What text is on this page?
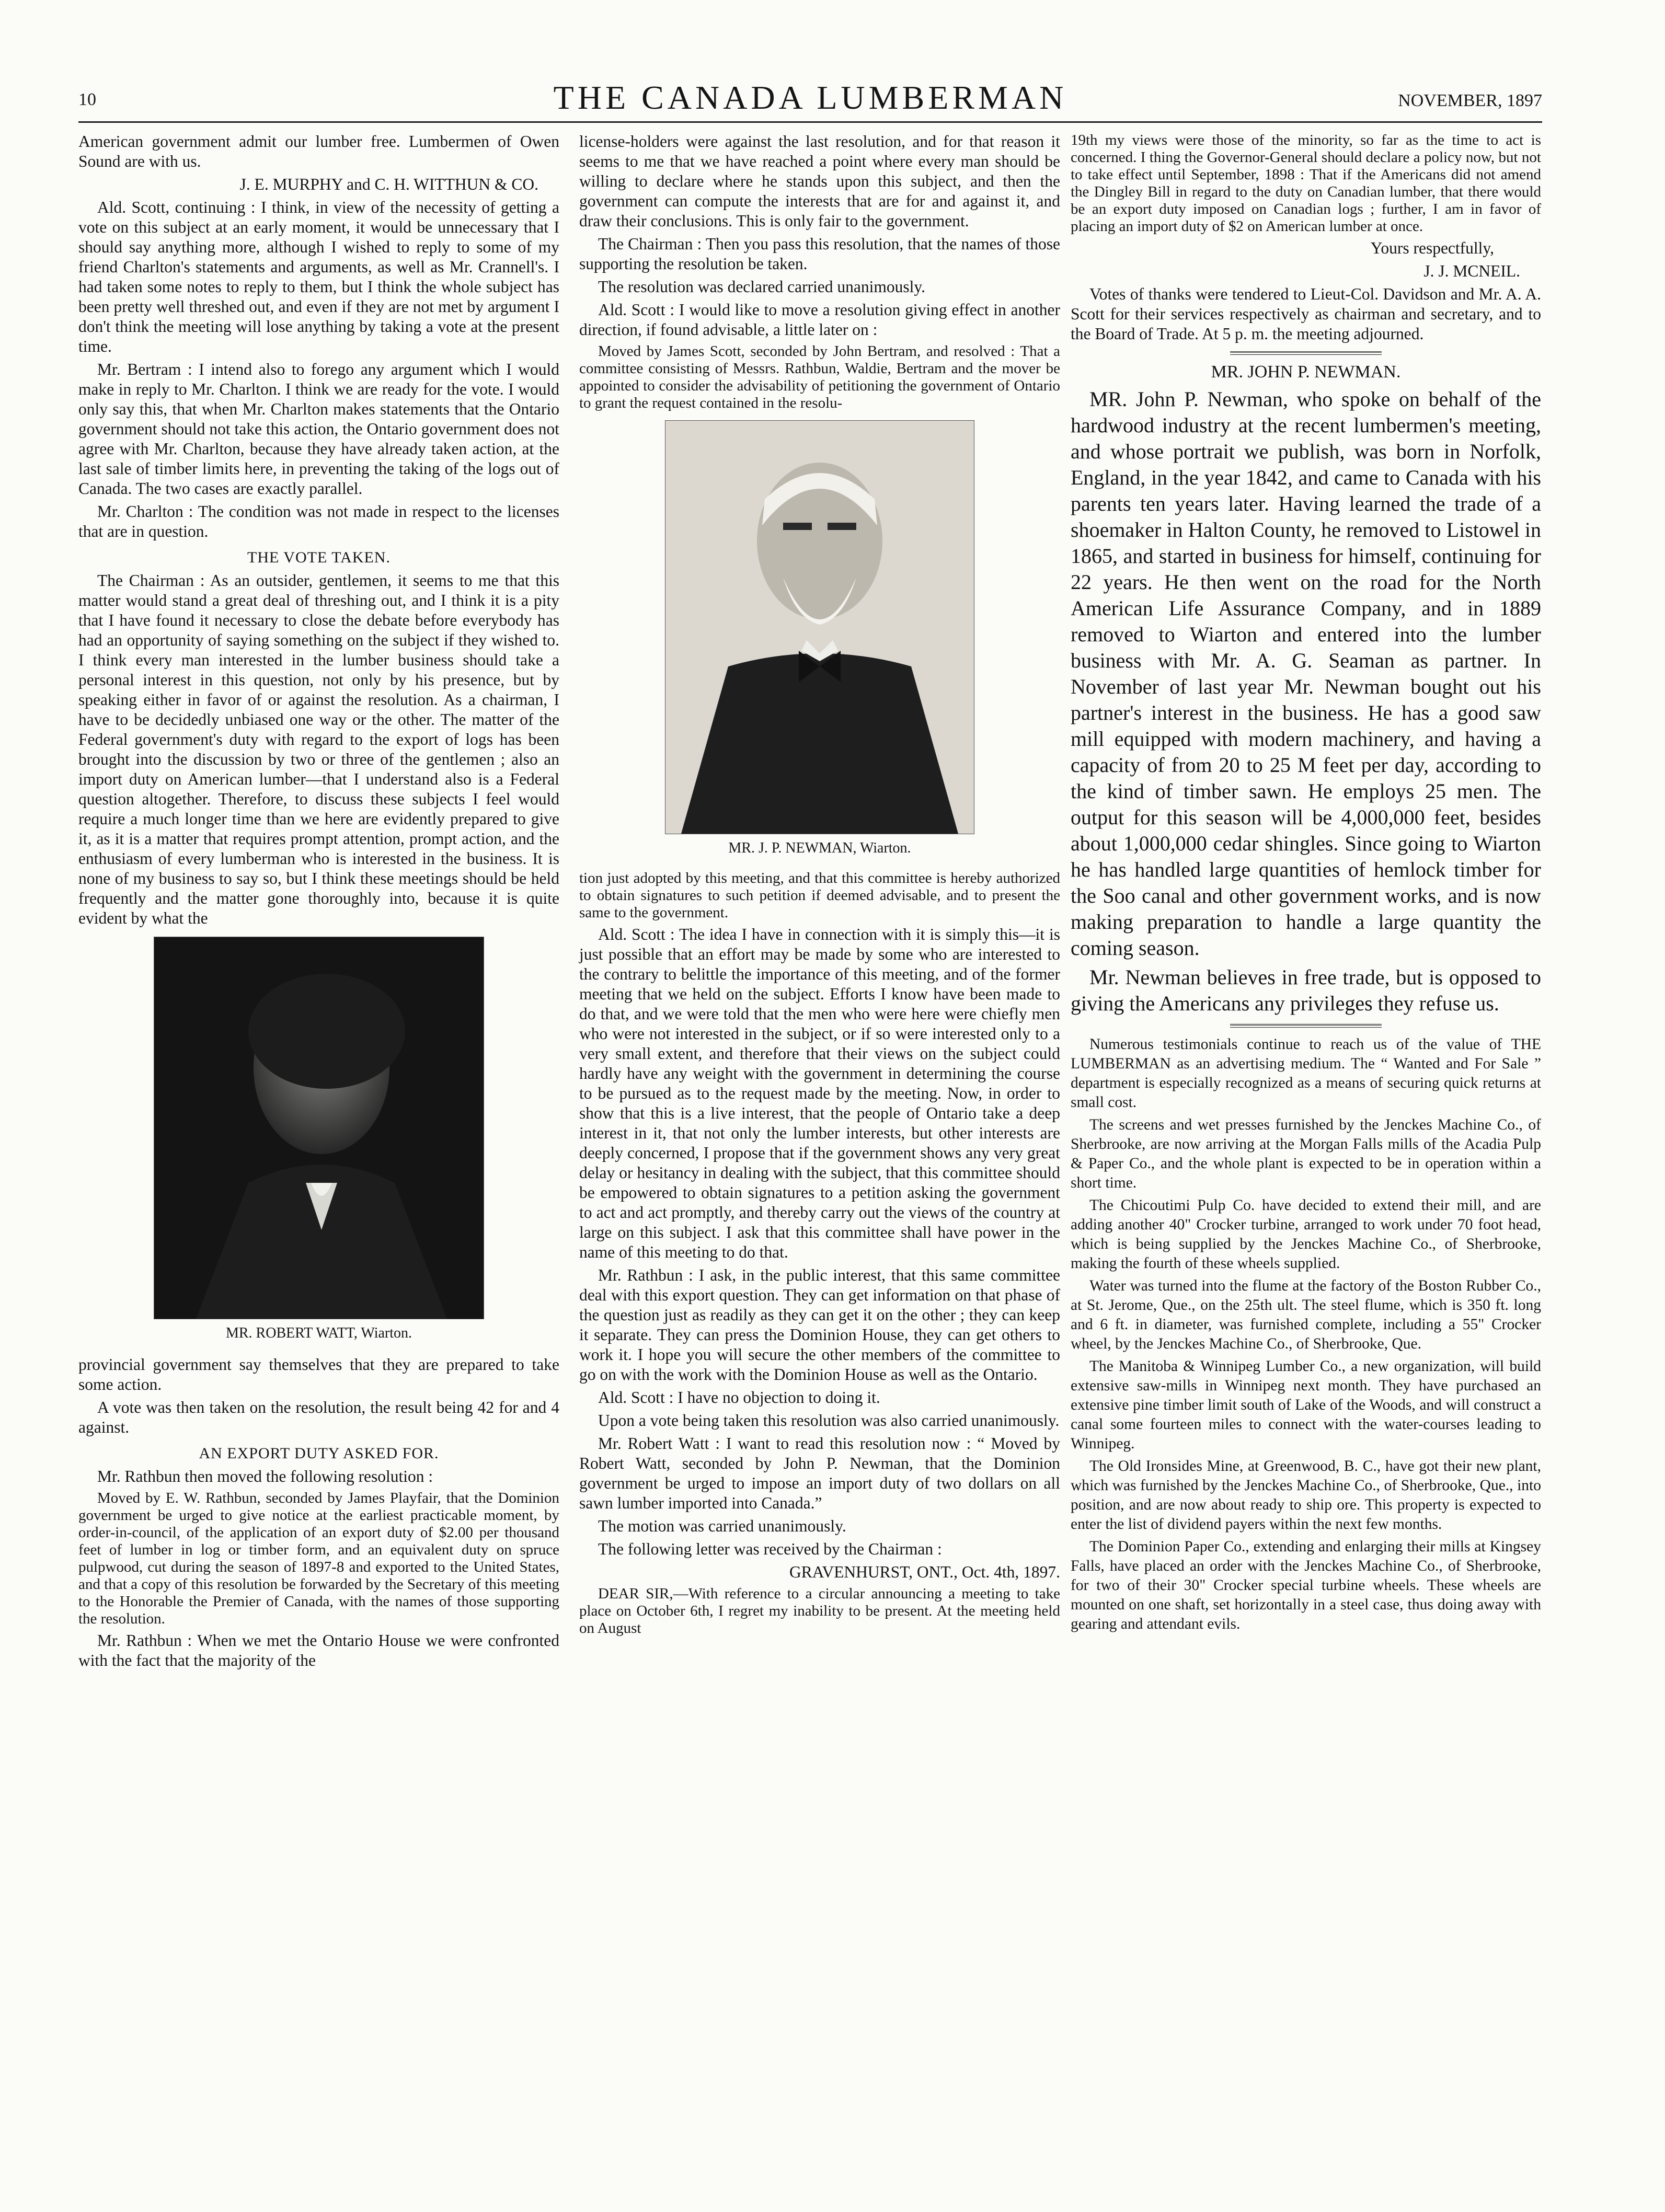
10	THE CANADA LUMBERMAN	NOVEMBER, 1897

American government admit our lumber free. Lumbermen of Owen Sound are with us.

J. E. MURPHY and C. H. WITTHUN & CO.

Ald. Scott, continuing : I think, in view of the necessity of getting a vote on this subject at an early moment, it would be unnecessary that I should say anything more, although I wished to reply to some of my friend Charlton's statements and arguments, as well as Mr. Crannell's. I had taken some notes to reply to them, but I think the whole subject has been pretty well threshed out, and even if they are not met by argument I don't think the meeting will lose anything by taking a vote at the present time.

Mr. Bertram : I intend also to forego any argument which I would make in reply to Mr. Charlton. I think we are ready for the vote. I would only say this, that when Mr. Charlton makes statements that the Ontario government should not take this action, the Ontario government does not agree with Mr. Charlton, because they have already taken action, at the last sale of timber limits here, in preventing the taking of the logs out of Canada. The two cases are exactly parallel.

Mr. Charlton : The condition was not made in respect to the licenses that are in question.

THE VOTE TAKEN.

The Chairman : As an outsider, gentlemen, it seems to me that this matter would stand a great deal of threshing out, and I think it is a pity that I have found it necessary to close the debate before everybody has had an opportunity of saying something on the subject if they wished to. I think every man interested in the lumber business should take a personal interest in this question, not only by his presence, but by speaking either in favor of or against the resolution. As a chairman, I have to be decidedly unbiased one way or the other. The matter of the Federal government's duty with regard to the export of logs has been brought into the discussion by two or three of the gentlemen ; also an import duty on American lumber—that I understand also is a Federal question altogether. Therefore, to discuss these subjects I feel would require a much longer time than we here are evidently prepared to give it, as it is a matter that requires prompt attention, prompt action, and the enthusiasm of every lumberman who is interested in the business. It is none of my business to say so, but I think these meetings should be held frequently and the matter gone thoroughly into, because it is quite evident by what the

MR. ROBERT WATT, Wiarton.

provincial government say themselves that they are prepared to take some action.

A vote was then taken on the resolution, the result being 42 for and 4 against.

AN EXPORT DUTY ASKED FOR.

Mr. Rathbun then moved the following resolution :

Moved by E. W. Rathbun, seconded by James Playfair, that the Dominion government be urged to give notice at the earliest practicable moment, by order-in-council, of the application of an export duty of $2.00 per thousand feet of lumber in log or timber form, and an equivalent duty on spruce pulpwood, cut during the season of 1897-8 and exported to the United States, and that a copy of this resolution be forwarded by the Secretary of this meeting to the Honorable the Premier of Canada, with the names of those supporting the resolution.

Mr. Rathbun : When we met the Ontario House we were confronted with the fact that the majority of the

license-holders were against the last resolution, and for that reason it seems to me that we have reached a point where every man should be willing to declare where he stands upon this subject, and then the government can compute the interests that are for and against it, and draw their conclusions. This is only fair to the government.

The Chairman : Then you pass this resolution, that the names of those supporting the resolution be taken.

The resolution was declared carried unanimously.

Ald. Scott : I would like to move a resolution giving effect in another direction, if found advisable, a little later on :

Moved by James Scott, seconded by John Bertram, and resolved : That a committee consisting of Messrs. Rathbun, Waldie, Bertram and the mover be appointed to consider the advisability of petitioning the government of Ontario to grant the request contained in the resolu-

MR. J. P. NEWMAN, Wiarton.

tion just adopted by this meeting, and that this committee is hereby authorized to obtain signatures to such petition if deemed advisable, and to present the same to the government.

Ald. Scott : The idea I have in connection with it is simply this—it is just possible that an effort may be made by some who are interested to the contrary to belittle the importance of this meeting, and of the former meeting that we held on the subject. Efforts I know have been made to do that, and we were told that the men who were here were chiefly men who were not interested in the subject, or if so were interested only to a very small extent, and therefore that their views on the subject could hardly have any weight with the government in determining the course to be pursued as to the request made by the meeting. Now, in order to show that this is a live interest, that the people of Ontario take a deep interest in it, that not only the lumber interests, but other interests are deeply concerned, I propose that if the government shows any very great delay or hesitancy in dealing with the subject, that this committee should be empowered to obtain signatures to a petition asking the government to act and act promptly, and thereby carry out the views of the country at large on this subject. I ask that this committee shall have power in the name of this meeting to do that.

Mr. Rathbun : I ask, in the public interest, that this same committee deal with this export question. They can get information on that phase of the question just as readily as they can get it on the other ; they can keep it separate. They can press the Dominion House, they can get others to work it. I hope you will secure the other members of the committee to go on with the work with the Dominion House as well as the Ontario.

Ald. Scott : I have no objection to doing it.

Upon a vote being taken this resolution was also carried unanimously.

Mr. Robert Watt : I want to read this resolution now : “ Moved by Robert Watt, seconded by John P. Newman, that the Dominion government be urged to impose an import duty of two dollars on all sawn lumber imported into Canada.”

The motion was carried unanimously.

The following letter was received by the Chairman :

GRAVENHURST, ONT., Oct. 4th, 1897.

DEAR SIR,—With reference to a circular announcing a meeting to take place on October 6th, I regret my inability to be present. At the meeting held on August

19th my views were those of the minority, so far as the time to act is concerned. I thing the Governor-General should declare a policy now, but not to take effect until September, 1898 : That if the Americans did not amend the Dingley Bill in regard to the duty on Canadian lumber, that there would be an export duty imposed on Canadian logs ; further, I am in favor of placing an import duty of $2 on American lumber at once.

Yours respectfully,

J. J. MCNEIL.

Votes of thanks were tendered to Lieut-Col. Davidson and Mr. A. A. Scott for their services respectively as chairman and secretary, and to the Board of Trade. At 5 p. m. the meeting adjourned.

MR. JOHN P. NEWMAN.

MR. John P. Newman, who spoke on behalf of the hardwood industry at the recent lumbermen's meeting, and whose portrait we publish, was born in Norfolk, England, in the year 1842, and came to Canada with his parents ten years later. Having learned the trade of a shoemaker in Halton County, he removed to Listowel in 1865, and started in business for himself, continuing for 22 years. He then went on the road for the North American Life Assurance Company, and in 1889 removed to Wiarton and entered into the lumber business with Mr. A. G. Seaman as partner. In November of last year Mr. Newman bought out his partner's interest in the business. He has a good saw mill equipped with modern machinery, and having a capacity of from 20 to 25 M feet per day, according to the kind of timber sawn. He employs 25 men. The output for this season will be 4,000,000 feet, besides about 1,000,000 cedar shingles. Since going to Wiarton he has handled large quantities of hemlock timber for the Soo canal and other government works, and is now making preparation to handle a large quantity the coming season.

Mr. Newman believes in free trade, but is opposed to giving the Americans any privileges they refuse us.

Numerous testimonials continue to reach us of the value of THE LUMBERMAN as an advertising medium. The “ Wanted and For Sale ” department is especially recognized as a means of securing quick returns at small cost.

The screens and wet presses furnished by the Jenckes Machine Co., of Sherbrooke, are now arriving at the Morgan Falls mills of the Acadia Pulp & Paper Co., and the whole plant is expected to be in operation within a short time.

The Chicoutimi Pulp Co. have decided to extend their mill, and are adding another 40" Crocker turbine, arranged to work under 70 foot head, which is being supplied by the Jenckes Machine Co., of Sherbrooke, making the fourth of these wheels supplied.

Water was turned into the flume at the factory of the Boston Rubber Co., at St. Jerome, Que., on the 25th ult. The steel flume, which is 350 ft. long and 6 ft. in diameter, was furnished complete, including a 55" Crocker wheel, by the Jenckes Machine Co., of Sherbrooke, Que.

The Manitoba & Winnipeg Lumber Co., a new organization, will build extensive saw-mills in Winnipeg next month. They have purchased an extensive pine timber limit south of Lake of the Woods, and will construct a canal some fourteen miles to connect with the water-courses leading to Winnipeg.

The Old Ironsides Mine, at Greenwood, B. C., have got their new plant, which was furnished by the Jenckes Machine Co., of Sherbrooke, Que., into position, and are now about ready to ship ore. This property is expected to enter the list of dividend payers within the next few months.

The Dominion Paper Co., extending and enlarging their mills at Kingsey Falls, have placed an order with the Jenckes Machine Co., of Sherbrooke, for two of their 30" Crocker special turbine wheels. These wheels are mounted on one shaft, set horizontally in a steel case, thus doing away with gearing and attendant evils.
